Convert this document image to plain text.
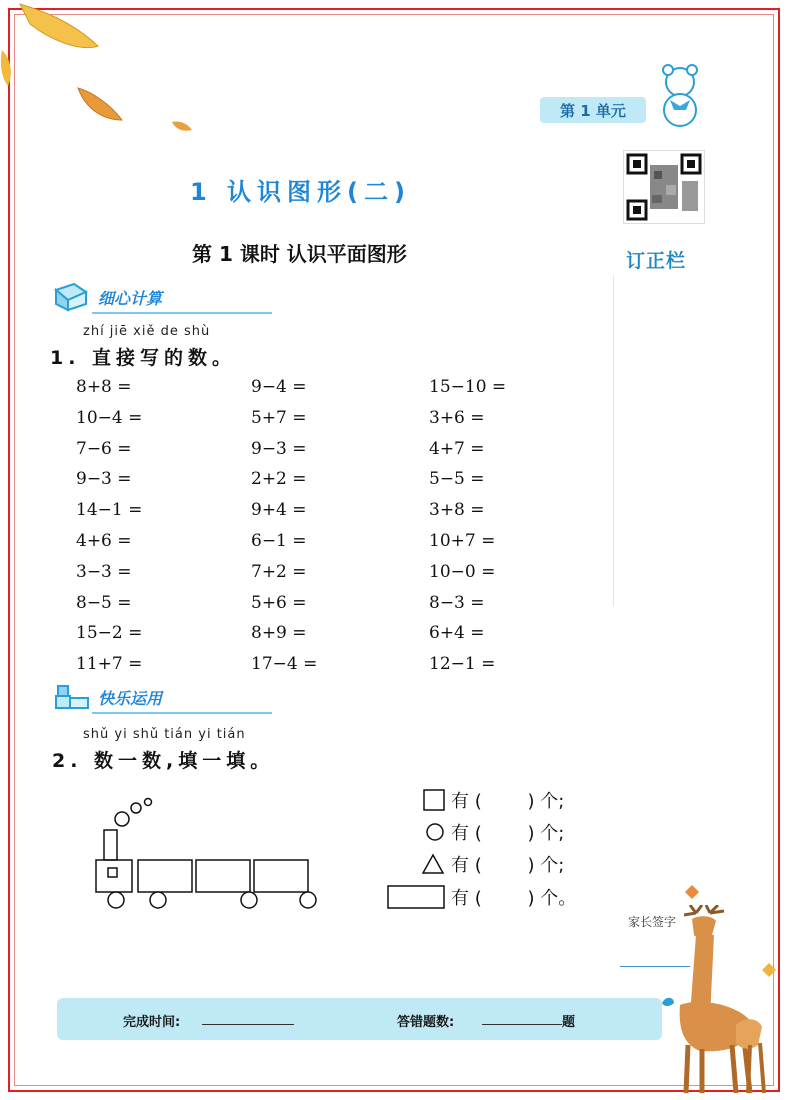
第 1 单元
订正栏
1 认识图形(二)
第 1 课时 认识平面图形
细心计算
zhí jiē xiě de shù
1. 直接写的数。
8+8 =	9−4 =	15−10 =
10−4 =	5+7 =	3+6 =
7−6 =	9−3 =	4+7 =
9−3 =	2+2 =	5−5 =
14−1 =	9+4 =	3+8 =
4+6 =	6−1 =	10+7 =
3−3 =	7+2 =	10−0 =
8−5 =	5+6 =	8−3 =
15−2 =	8+9 =	6+4 =
11+7 =	17−4 =	12−1 =
快乐运用
shǔ yi shǔ tián yi tián
2. 数一数,填一填。
有 (        ) 个;
有 (        ) 个;
有 (        ) 个;
有 (        ) 个。
完成时间:	答错题数:	题
家长签字
